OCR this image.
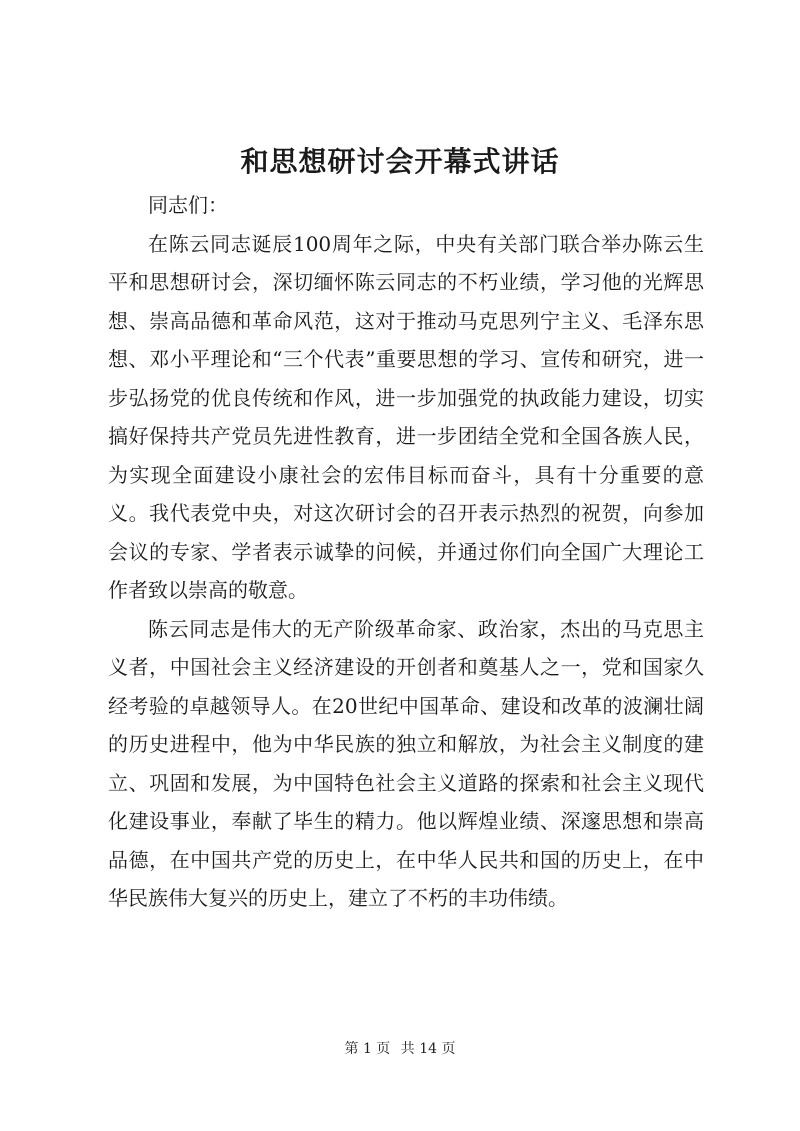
和思想研讨会开幕式讲话

同志们：

在陈云同志诞辰100周年之际，中央有关部门联合举办陈云生平和思想研讨会，深切缅怀陈云同志的不朽业绩，学习他的光辉思想、崇高品德和革命风范，这对于推动马克思列宁主义、毛泽东思想、邓小平理论和“三个代表”重要思想的学习、宣传和研究，进一步弘扬党的优良传统和作风，进一步加强党的执政能力建设，切实搞好保持共产党员先进性教育，进一步团结全党和全国各族人民，为实现全面建设小康社会的宏伟目标而奋斗，具有十分重要的意义。我代表党中央，对这次研讨会的召开表示热烈的祝贺，向参加会议的专家、学者表示诚挚的问候，并通过你们向全国广大理论工作者致以崇高的敬意。

陈云同志是伟大的无产阶级革命家、政治家，杰出的马克思主义者，中国社会主义经济建设的开创者和奠基人之一，党和国家久经考验的卓越领导人。在20世纪中国革命、建设和改革的波澜壮阔的历史进程中，他为中华民族的独立和解放，为社会主义制度的建立、巩固和发展，为中国特色社会主义道路的探索和社会主义现代化建设事业，奉献了毕生的精力。他以辉煌业绩、深邃思想和崇高品德，在中国共产党的历史上，在中华人民共和国的历史上，在中华民族伟大复兴的历史上，建立了不朽的丰功伟绩。

第 1 页 共 14 页
